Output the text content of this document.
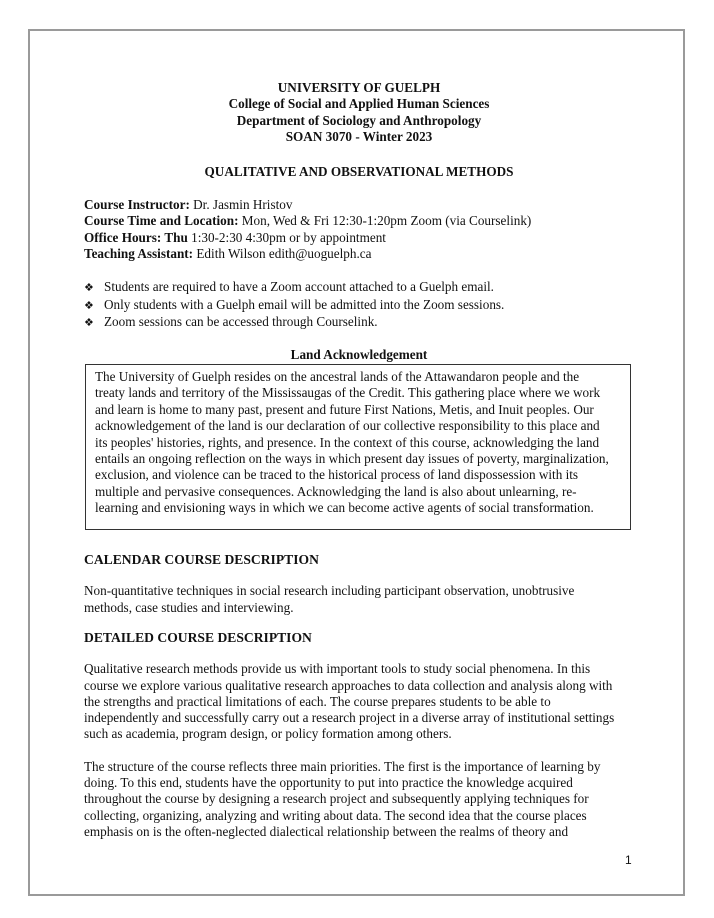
UNIVERSITY OF GUELPH
College of Social and Applied Human Sciences
Department of Sociology and Anthropology
SOAN 3070 - Winter 2023
QUALITATIVE AND OBSERVATIONAL METHODS
Course Instructor: Dr. Jasmin Hristov
Course Time and Location: Mon, Wed & Fri 12:30-1:20pm Zoom (via Courselink)
Office Hours: Thu 1:30-2:30 4:30pm or by appointment
Teaching Assistant: Edith Wilson edith@uoguelph.ca
❖ Students are required to have a Zoom account attached to a Guelph email.
❖ Only students with a Guelph email will be admitted into the Zoom sessions.
❖ Zoom sessions can be accessed through Courselink.
Land Acknowledgement
The University of Guelph resides on the ancestral lands of the Attawandaron people and the
treaty lands and territory of the Mississaugas of the Credit. This gathering place where we work
and learn is home to many past, present and future First Nations, Metis, and Inuit peoples. Our
acknowledgement of the land is our declaration of our collective responsibility to this place and
its peoples' histories, rights, and presence. In the context of this course, acknowledging the land
entails an ongoing reflection on the ways in which present day issues of poverty, marginalization,
exclusion, and violence can be traced to the historical process of land dispossession with its
multiple and pervasive consequences. Acknowledging the land is also about unlearning, re-
learning and envisioning ways in which we can become active agents of social transformation.
CALENDAR COURSE DESCRIPTION
Non-quantitative techniques in social research including participant observation, unobtrusive
methods, case studies and interviewing.
DETAILED COURSE DESCRIPTION
Qualitative research methods provide us with important tools to study social phenomena. In this
course we explore various qualitative research approaches to data collection and analysis along with
the strengths and practical limitations of each. The course prepares students to be able to
independently and successfully carry out a research project in a diverse array of institutional settings
such as academia, program design, or policy formation among others.
The structure of the course reflects three main priorities. The first is the importance of learning by
doing. To this end, students have the opportunity to put into practice the knowledge acquired
throughout the course by designing a research project and subsequently applying techniques for
collecting, organizing, analyzing and writing about data. The second idea that the course places
emphasis on is the often-neglected dialectical relationship between the realms of theory and
1
